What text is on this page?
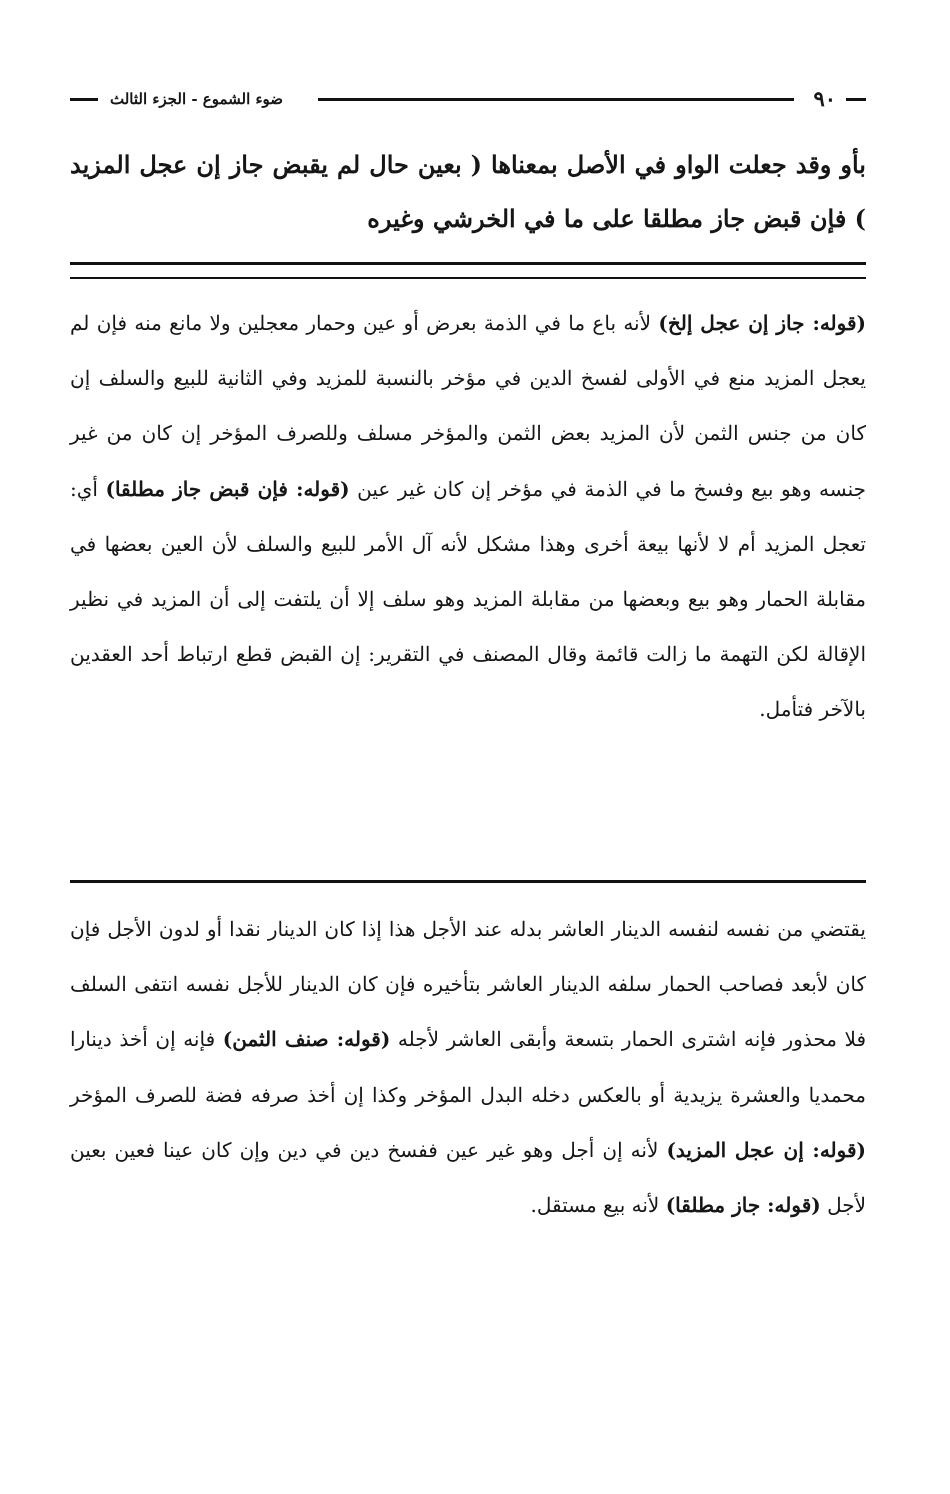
٩٠
ضوء الشموع - الجزء الثالث

بأو وقد جعلت الواو في الأصل بمعناها ( بعين حال لم يقبض جاز إن عجل المزيد ) فإن قبض جاز مطلقا على ما في الخرشي وغيره

(قوله: جاز إن عجل إلخ) لأنه باع ما في الذمة بعرض أو عين وحمار معجلين ولا مانع منه فإن لم يعجل المزيد منع في الأولى لفسخ الدين في مؤخر بالنسبة للمزيد وفي الثانية للبيع والسلف إن كان من جنس الثمن لأن المزيد بعض الثمن والمؤخر مسلف وللصرف المؤخر إن كان من غير جنسه وهو بيع وفسخ ما في الذمة في مؤخر إن كان غير عين (قوله: فإن قبض جاز مطلقا) أي: تعجل المزيد أم لا لأنها بيعة أخرى وهذا مشكل لأنه آل الأمر للبيع والسلف لأن العين بعضها في مقابلة الحمار وهو بيع وبعضها من مقابلة المزيد وهو سلف إلا أن يلتفت إلى أن المزيد في نظير الإقالة لكن التهمة ما زالت قائمة وقال المصنف في التقرير: إن القبض قطع ارتباط أحد العقدين بالآخر فتأمل.

يقتضي من نفسه لنفسه الدينار العاشر بدله عند الأجل هذا إذا كان الدينار نقدا أو لدون الأجل فإن كان لأبعد فصاحب الحمار سلفه الدينار العاشر بتأخيره فإن كان الدينار للأجل نفسه انتفى السلف فلا محذور فإنه اشترى الحمار بتسعة وأبقى العاشر لأجله (قوله: صنف الثمن) فإنه إن أخذ دينارا محمديا والعشرة يزيدية أو بالعكس دخله البدل المؤخر وكذا إن أخذ صرفه فضة للصرف المؤخر (قوله: إن عجل المزيد) لأنه إن أجل وهو غير عين ففسخ دين في دين وإن كان عينا فعين بعين لأجل (قوله: جاز مطلقا) لأنه بيع مستقل.
